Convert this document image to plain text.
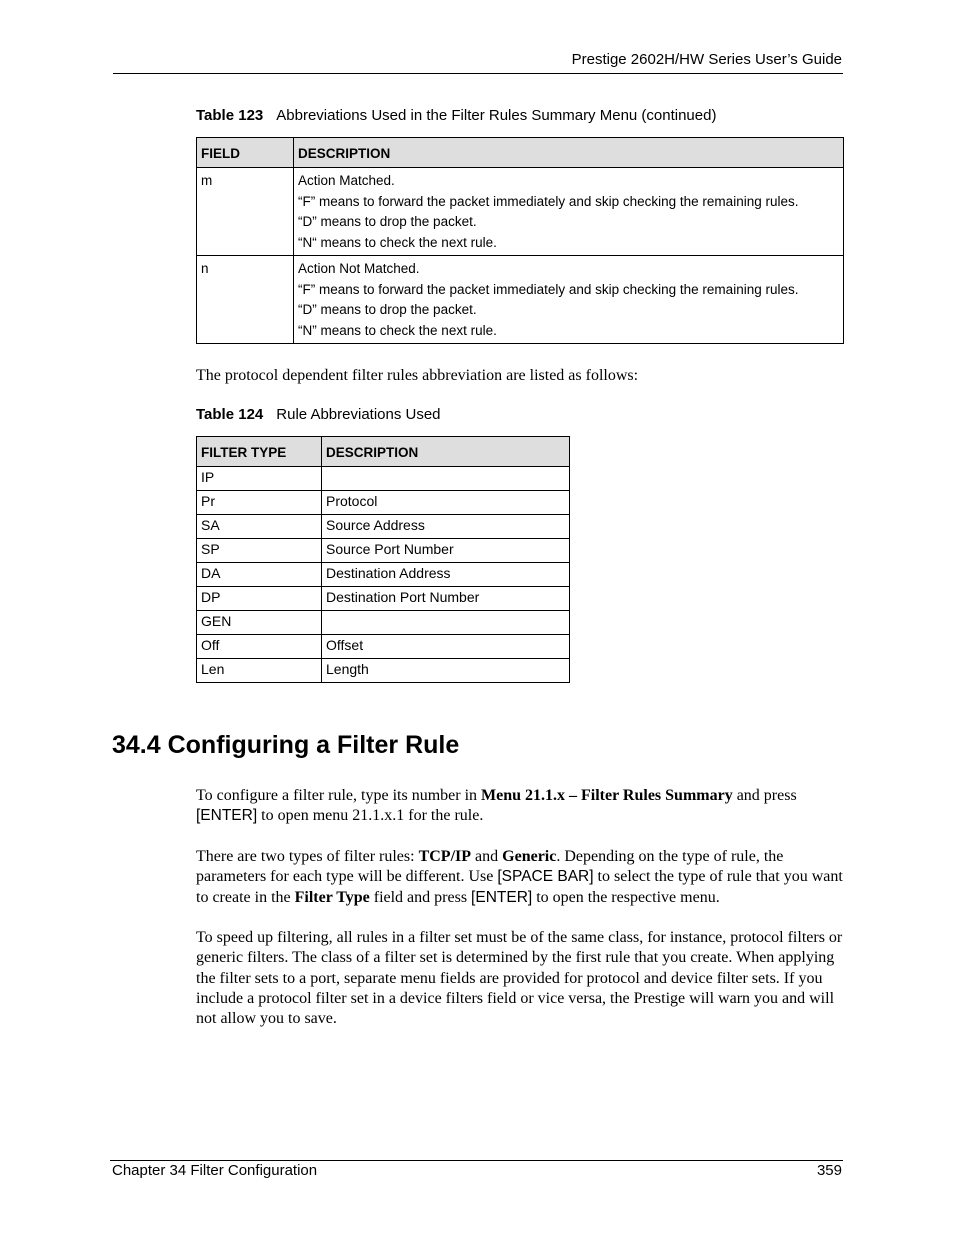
Prestige 2602H/HW Series User’s Guide
Table 123 Abbreviations Used in the Filter Rules Summary Menu (continued)
FIELD	DESCRIPTION
m	Action Matched.
“F” means to forward the packet immediately and skip checking the remaining rules.
“D” means to drop the packet.
“N“ means to check the next rule.

n	Action Not Matched.
“F” means to forward the packet immediately and skip checking the remaining rules.
“D” means to drop the packet.
“N” means to check the next rule.
The protocol dependent filter rules abbreviation are listed as follows:
Table 124 Rule Abbreviations Used
FILTER TYPE	DESCRIPTION
IP	
Pr	Protocol
SA	Source Address
SP	Source Port Number
DA	Destination Address
DP	Destination Port Number
GEN	
Off	Offset
Len	Length
34.4 Configuring a Filter Rule
To configure a filter rule, type its number in Menu 21.1.x – Filter Rules Summary and press [ENTER] to open menu 21.1.x.1 for the rule.
There are two types of filter rules: TCP/IP and Generic. Depending on the type of rule, the parameters for each type will be different. Use [SPACE BAR] to select the type of rule that you want to create in the Filter Type field and press [ENTER] to open the respective menu.
To speed up filtering, all rules in a filter set must be of the same class, for instance, protocol filters or generic filters. The class of a filter set is determined by the first rule that you create. When applying the filter sets to a port, separate menu fields are provided for protocol and device filter sets. If you include a protocol filter set in a device filters field or vice versa, the Prestige will warn you and will not allow you to save.
Chapter 34 Filter Configuration	359
